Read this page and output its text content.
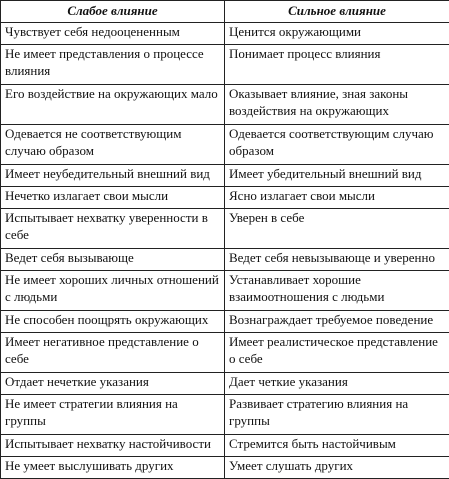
Слабое влияние	Сильное влияние
Чувствует себя недооцененным	Ценится окружающими
Не имеет представления о процессе влияния	Понимает процесс влияния
Его воздействие на окружающих мало	Оказывает влияние, зная законы воздействия на окружающих
Одевается не соответствующим случаю образом	Одевается соответствующим случаю образом
Имеет неубедительный внешний вид	Имеет убедительный внешний вид
Нечетко излагает свои мысли	Ясно излагает свои мысли
Испытывает нехватку уверенности в себе	Уверен в себе
Ведет себя вызывающе	Ведет себя невызывающе и уверенно
Не имеет хороших личных отношений с людьми	Устанавливает хорошие взаимоотношения с людьми
Не способен поощрять окружающих	Вознаграждает требуемое поведение
Имеет негативное представление о себе	Имеет реалистическое представление о себе
Отдает нечеткие указания	Дает четкие указания
Не имеет стратегии влияния на группы	Развивает стратегию влияния на группы
Испытывает нехватку настойчивости	Стремится быть настойчивым
Не умеет выслушивать других	Умеет слушать других
